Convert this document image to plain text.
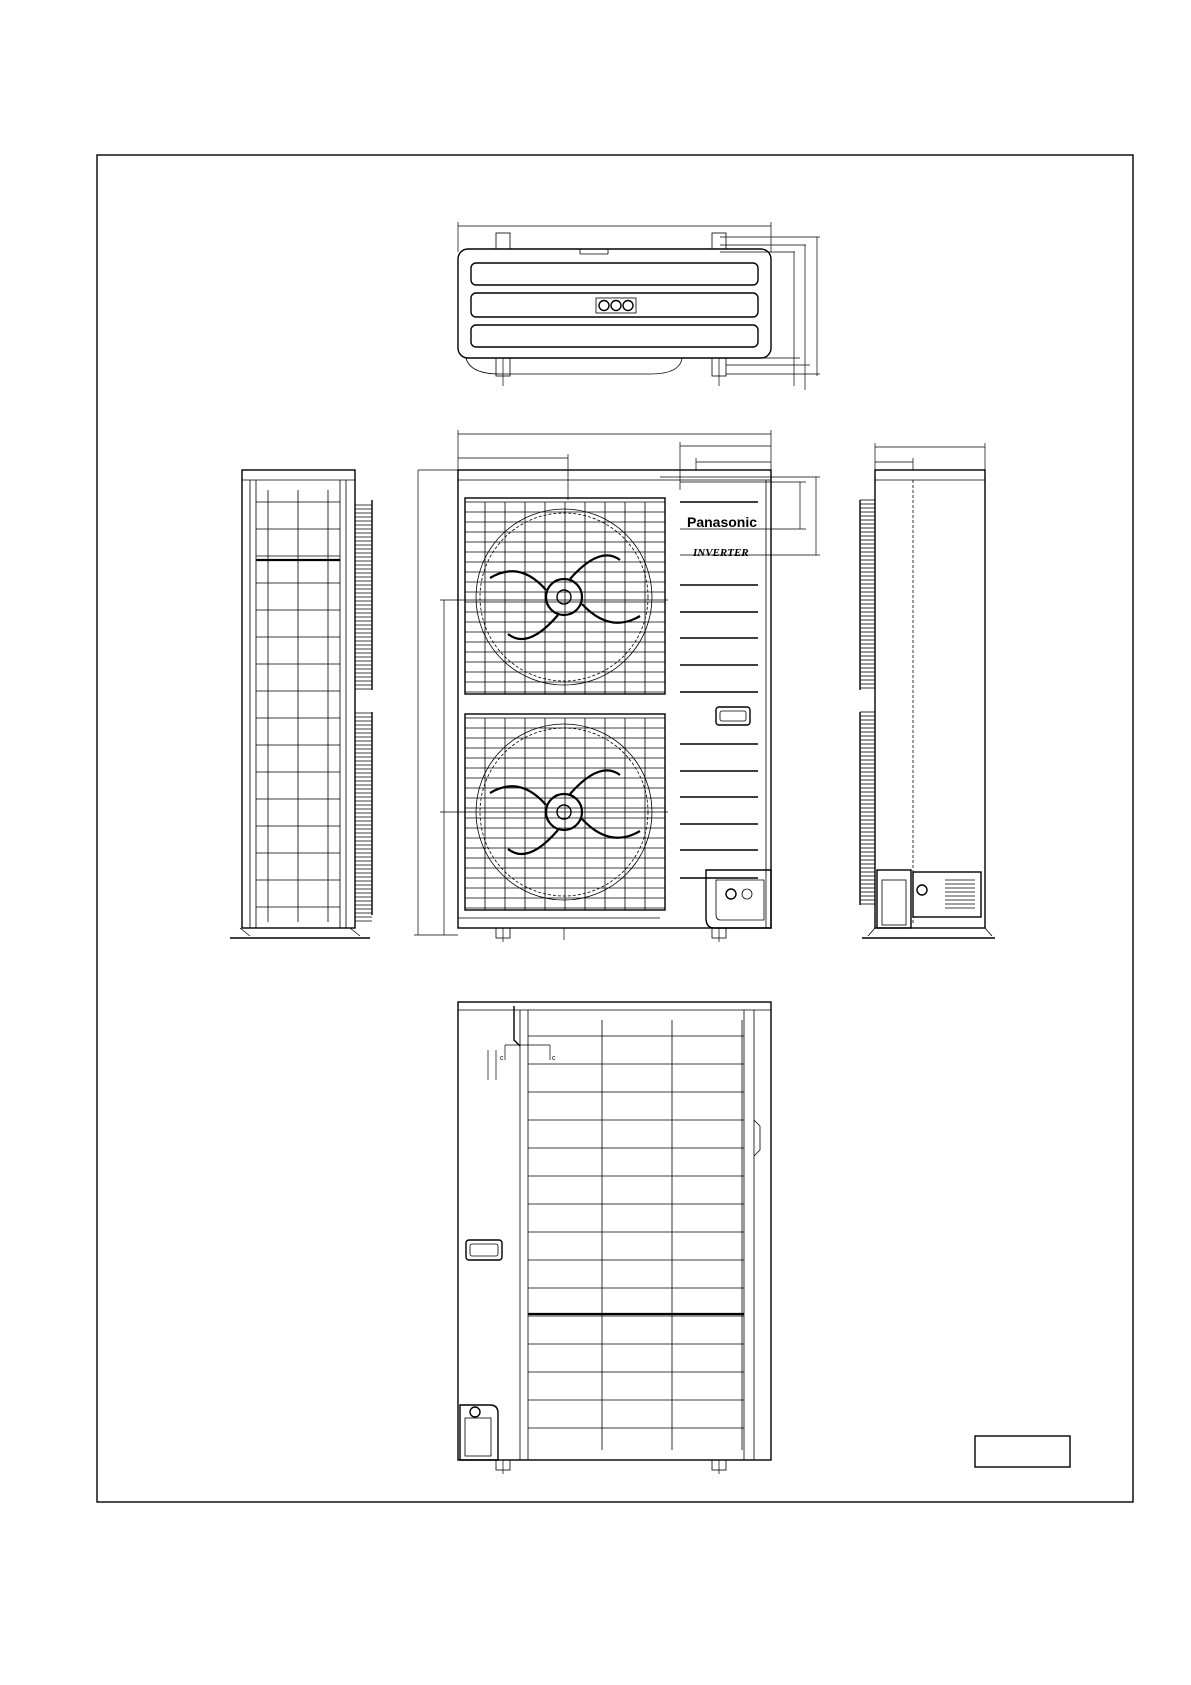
Panasonic
INVERTER
c	c
